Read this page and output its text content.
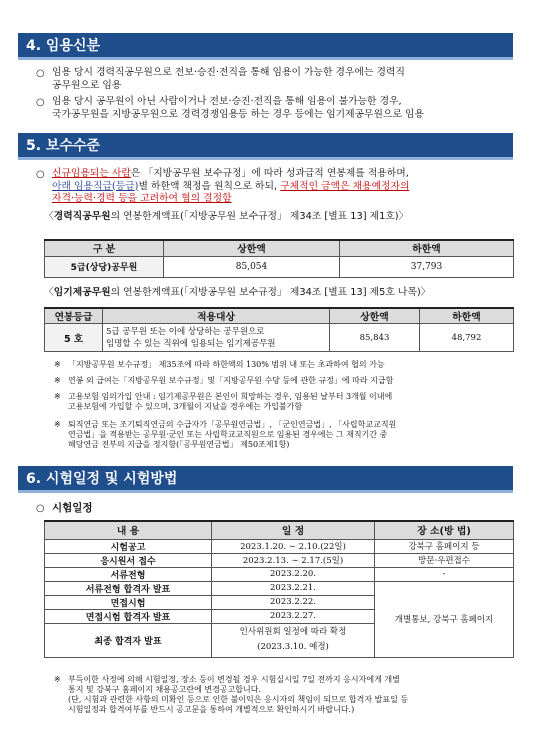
4. 임용신분
○ 임용 당시 경력직공무원으로 전보·승진·전직을 통해 임용이 가능한 경우에는 경력직
공무원으로 임용
○ 임용 당시 공무원이 아닌 사람이거나 전보·승진·전직을 통해 임용이 불가능한 경우,
국가공무원을 지방공무원으로 경력경쟁임용등 하는 경우 등에는 임기제공무원으로 임용
5. 보수수준
○ 신규임용되는 사람은 「지방공무원 보수규정」에 따라 성과급적 연봉제를 적용하며,
아래 임용직급(등급)별 하한액 책정을 원칙으로 하되, 구체적인 금액은 채용예정자의
자격·능력·경력 등을 고려하여 협의 결정함
〈경력직공무원의 연봉한계액표(「지방공무원 보수규정」 제34조 [별표 13] 제1호)〉
구 분	상한액	하한액
5급(상당)공무원	85,054	37,793
〈임기제공무원의 연봉한계액표(「지방공무원 보수규정」 제34조 [별표 13] 제5호 나목)〉
연봉등급	적용대상	상한액	하한액
5 호	5급 공무원 또는 이에 상당하는 공무원으로
임명할 수 있는 직위에 임용되는 임기제공무원	85,843	48,792
※ 「지방공무원 보수규정」 제35조에 따라 하한액의 130% 범위 내 또는 초과하여 협의 가능
※ 연봉 외 급여는「지방공무원 보수규정」및「지방공무원 수당 등에 관한 규정」에 따라 지급함
※ 고용보험 임의가입 안내 : 임기제공무원은 본인이 희망하는 경우, 임용된 날부터 3개월 이내에
고용보험에 가입할 수 있으며, 3개월이 지났을 경우에는 가입불가함
※ 퇴직연금 또는 조기퇴직연금의 수급자가「공무원연금법」, 「군인연금법」, 「사립학교교직원
연금법」을 적용받는 공무원·군인 또는 사립학교교직원으로 임용된 경우에는 그 재직기간 중
해당연금 전부의 지급을 정지함(「공무원연금법」 제50조제1항)
6. 시험일정 및 시험방법
○ 시험일정
내 용	일 정	장 소(방 법)
시험공고	2023.1.20. ∼ 2.10.(22일)	강북구 홈페이지 등
응시원서 접수	2023.2.13. ∼ 2.17.(5일)	방문·우편접수
서류전형	2023.2.20.	-
서류전형 합격자 발표	2023.2.21.	개별통보, 강북구 홈페이지
면접시험	2023.2.22.	
면접시험 합격자 발표	2023.2.27.	
최종 합격자 발표	인사위원회 일정에 따라 확정
(2023.3.10. 예정)	
※ 부득이한 사정에 의해 시험일정, 장소 등이 변경될 경우 시험실시일 7일 전까지 응시자에게 개별
통지 및 강북구 홈페이지 채용공고란에 변경공고합니다.
(단, 시험과 관련한 사항의 미확인 등으로 인한 불이익은 응시자의 책임이 되므로 합격자 발표일 등
시험일정과 합격여부를 반드시 공고문을 통하여 개별적으로 확인하시기 바랍니다.)
